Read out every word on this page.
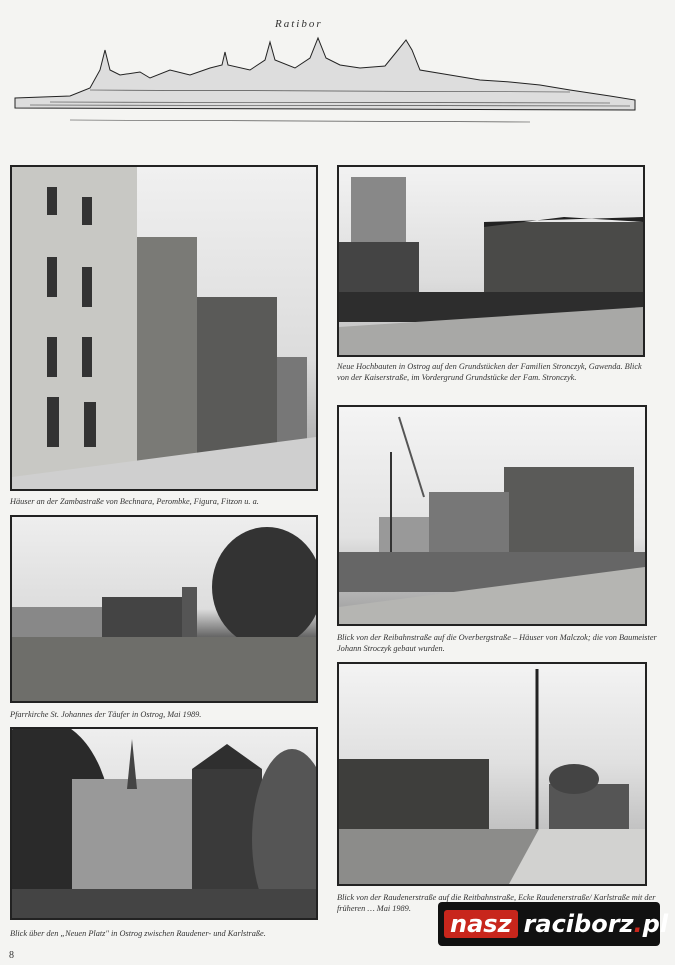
Ratibor
Häuser an der Zambastraße von Bechnara, Perombke, Figura, Fitzon u. a.
Pfarrkirche St. Johannes der Täufer in Ostrog, Mai 1989.
Blick über den „Neuen Platz" in Ostrog zwischen Raudener- und Karlstraße.
Neue Hochbauten in Ostrog auf den Grundstücken der Familien Stronczyk, Gawenda. Blick von der Kaiserstraße, im Vordergrund Grundstücke der Fam. Stronczyk.
Blick von der Reibahnstraße auf die Overbergstraße – Häuser von Malczok; die von Baumeister Johann Stroczyk gebaut wurden.
Blick von der Raudenerstraße auf die Reitbahnstraße, Ecke Raudenerstraße/ Karlstraße mit der früheren … Mai 1989.
8
nasz raciborz . pl
